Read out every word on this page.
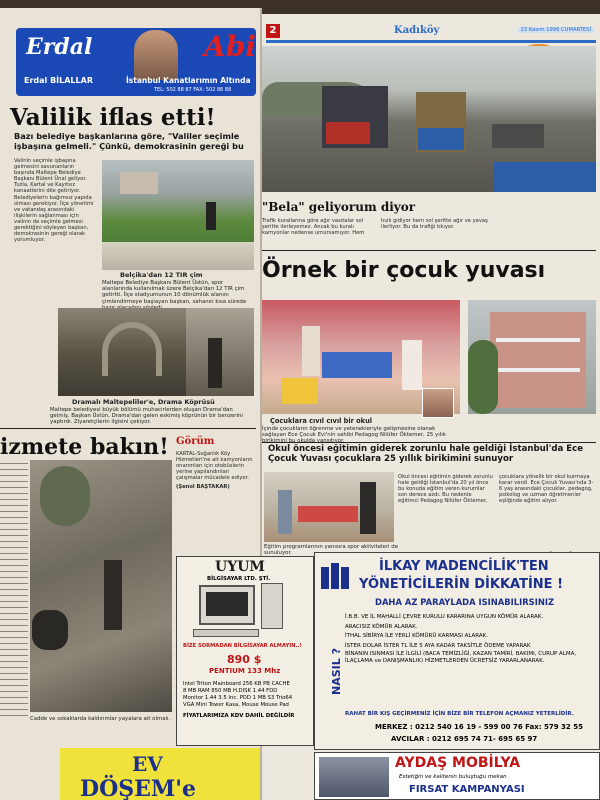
Erdal	Abi
Erdal BİLALLAR	İstanbul Kanatlarımın Altında
TEL: 502 88 87 FAX: 502 86 88
Valilik iflas etti!
Bazı belediye başkanlarına göre, "Valiler seçimle işbaşına gelmeli." Çünkü, demokrasinin gereği bu
Valinin seçimle işbaşına gelmesini savunanların başında Maltepe Belediye Başkanı Bülent Ünal geliyor. Tuzla, Kartal ve Kayıtsız kanaatlerini dile getiriyor. Belediyelerin bağımsız yapıda olması gerekiyor. İlçe yönetimi ve vatandaş arasındaki ilişkilerin sağlanması için valinin de seçimle gelmesi gerektiğini söyleyen başkan, demokrasinin gereği olarak yorumluyor.
Belçika'dan 12 TIR çim
Maltepe Belediye Başkanı Bülent Üstün, spor alanlarında kullanılmak üzere Belçika'dan 12 TIR çim getirtti. İlçe stadyumunun 10 dönümlük alanını çimlendirmeye başlayan başkan, sahanın kısa sürede
Dramalı Maltepeliler'e, Drama Köprüsü
Maltepe belediyesi büyük bölümü muhacirlerden oluşan Drama'dan gelmiş. Başkan Üstün, Drama'dan gelen eskimiş köprünün bir benzerini yaptırdı. Ziyaretçilerin ilgisini çekiyor.
izmete bakın! Görüm
KARTAL-Soğanlık Köy Hizmetleri'ne ait kamyonların onarımları için otobüslerin yerine yapılandırılan çalışmalar mücadele ediyor.
(Şenol BAŞTAKAR)
Cadde ve sokaklarda kaldırımlar yayalara ait olmalı.
EV
DÖŞEM'e
2	Kadıköy	23 Kasım 1996 CUMARTESİ
"Bela" geliyorum diyor
Trafik kurallarına göre ağır vasıtalar sol şeritte ilerleyemez. Ancak bu kuralı kamyonlar nedense umursamıyor. Hem hızlı gidiyor hem sol şeritte ağır ve yavaş ilerliyor. Bu da trafiği tıkıyor.
Örnek bir çocuk yuvası
Çocuklara cıvıl cıvıl bir okul
İçinde çocukların öğrenme ve yetenekleriyle gelişmesine olanak sağlayan Ece Çocuk Evi'nin sahibi Pedagog Nilüfer Öktemer, 25 yılık
Okul öncesi eğitimin giderek zorunlu hale geldiği İstanbul'da Ece Çocuk Yuvası çocuklara 25 yıllık birikimini sunuyor
Eğitim programlarının yanısıra spor aktiviteleri de sunuluyor.
Okul öncesi eğitimin giderek zorunlu hale geldiği İstanbul'da 20 yıl önce bu konuda eğitim veren kurumlar son derece azdı. Bu nedenle eğitimci Pedagog Nilüfer Öktemer, çocuklara yönelik bir okul kurmaya karar verdi. Ece Çocuk Yuvası'nda 3-6 yaş arasındaki çocuklar, pedagog, psikolog ve uzman öğretmenler eşliğinde eğitim alıyor.
UYUM
BİLGİSAYAR LTD. ŞTİ.
BİZE SORMADAN BİLGİSAYAR ALMAYIN..!
890 $
PENTIUM 133 Mhz
Intel Triton Mainboard 256 KB PB CACHE
8 MB RAM 850 MB H.DISK 1.44 FDD
Monitor 1.44 3.5 Inc. PDD 1 MB S3 Trio64
VGA Mini Tower Kasa, Mouse Mouse Pad
FİYATLARIMIZA KDV DAHİL DEĞİLDİR
İLKAY MADENCİLİK'TEN
YÖNETİCİLERİN DİKKATİNE !
DAHA AZ PARAYLADA ISINABILIRSINIZ
NASIL ?
İ.B.B. VE İL MAHALLİ ÇEVRE KURULU KARARINA UYGUN KÖMÜR ALARAK.
ARACISIZ KÖMÜR ALARAK.
İTHAL SİBİRYA İLE YERLİ KÖMÜRÜ KARMASI ALARAK.
İSTER DOLAR İSTER TL İLE 5 AYA KADAR TAKSİTLE ÖDEME YAPARAK
BİNANIN ISINMASI İLE İLGİLİ (BACA TEMİZLİĞİ, KAZAN TAMİRİ, BAKIMI, CURUP ALMA, İLAÇLAMA ve DANIŞMANLIK) HİZMETLERDEN ÜCRETSİZ YARARLANARAK.
RAHAT BİR KIŞ GEÇİRMENİZ İÇİN BİZE BİR TELEFON AÇMANIZ YETERLİDİR.
MERKEZ : 0212 540 16 19 - 599 00 76 Fax: 579 32 55
AVCILAR : 0212 695 74 71- 695 65 97
AYDAŞ MOBİLYA
Estetiğin ve kalitenin buluştuğu mekan
FIRSAT KAMPANYASI
